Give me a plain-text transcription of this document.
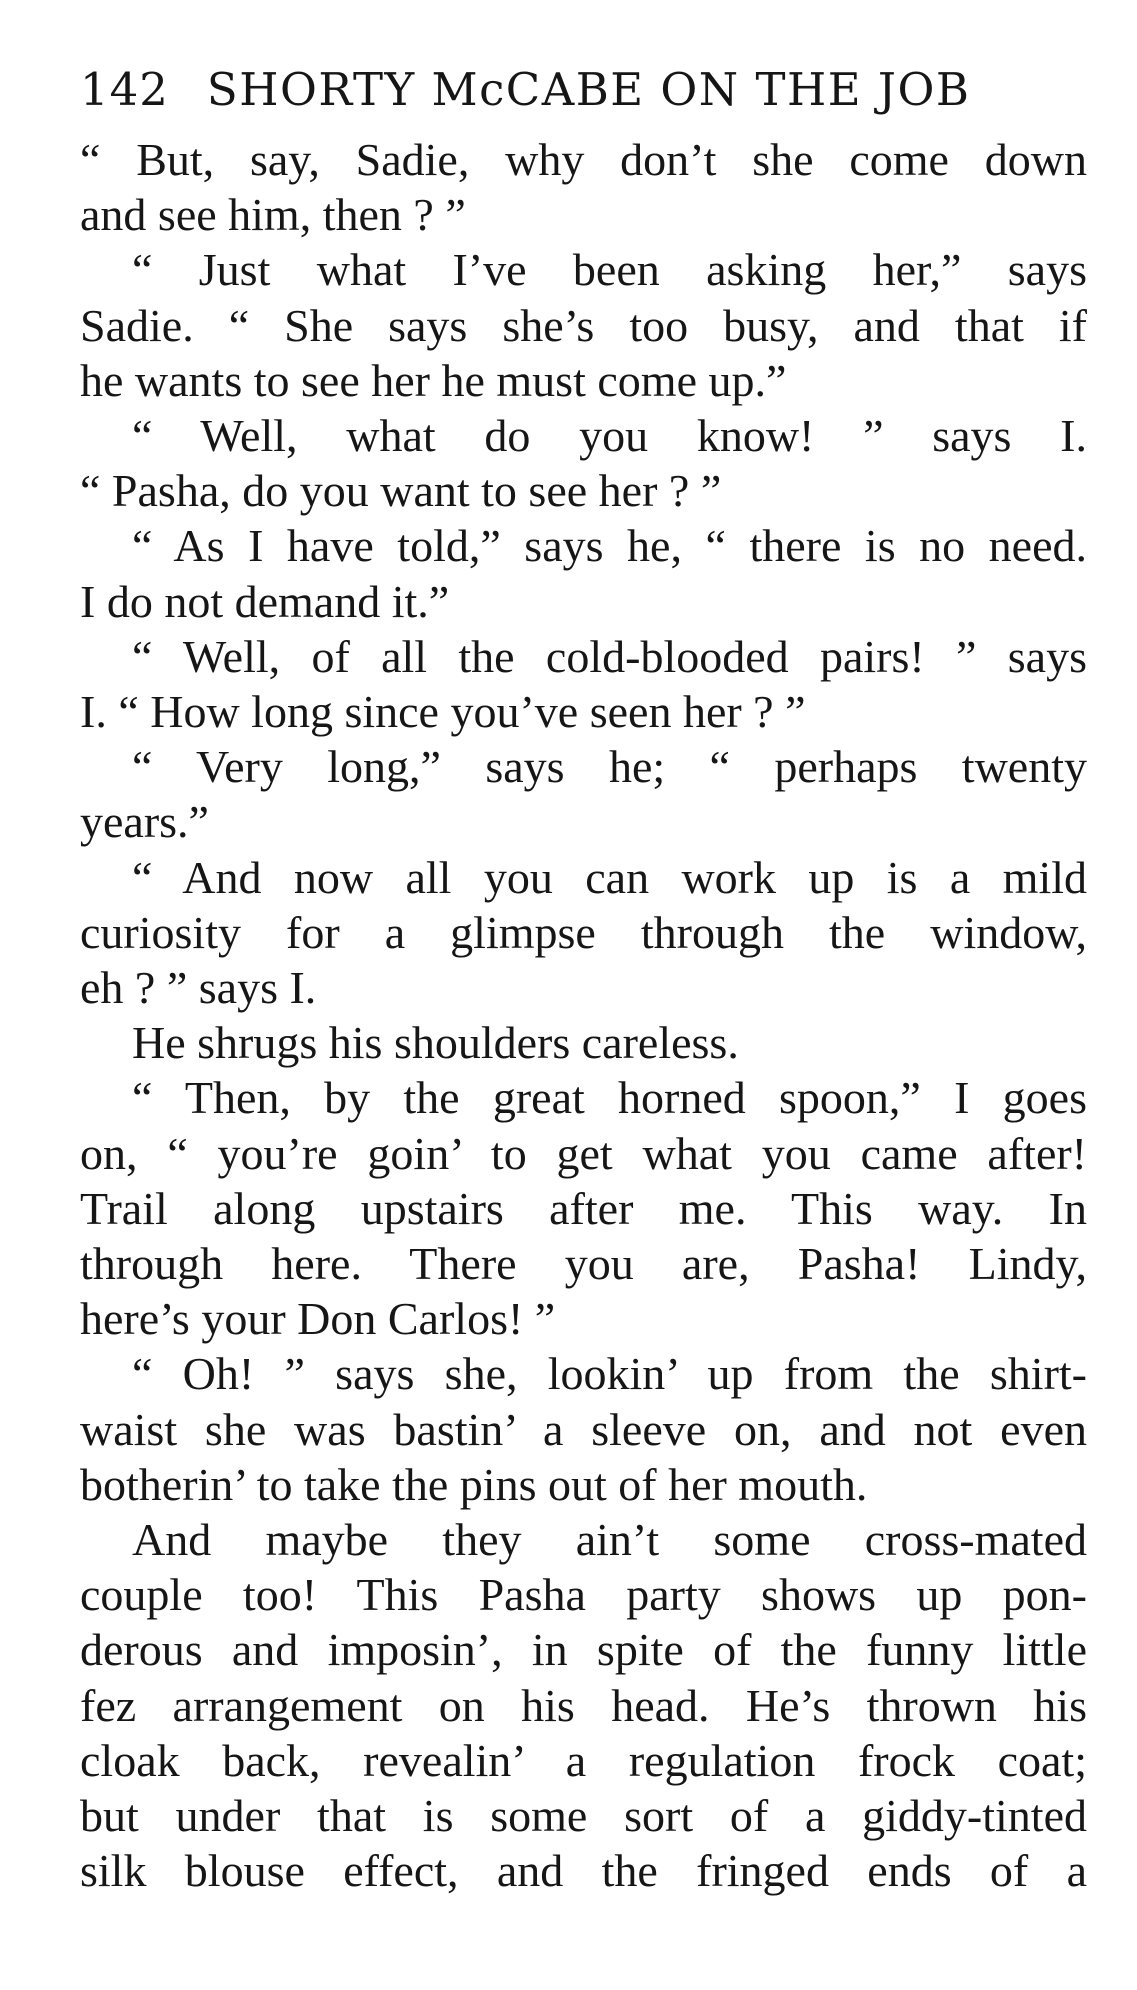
142 SHORTY McCABE ON THE JOB
“ But, say, Sadie, why don’t she come down
and see him, then ? ”
“ Just what I’ve been asking her,” says
Sadie. “ She says she’s too busy, and that if
he wants to see her he must come up.”
“ Well, what do you know! ” says I.
“ Pasha, do you want to see her ? ”
“ As I have told,” says he, “ there is no need.
I do not demand it.”
“ Well, of all the cold-blooded pairs! ” says
I. “ How long since you’ve seen her ? ”
“ Very long,” says he; “ perhaps twenty
years.”
“ And now all you can work up is a mild
curiosity for a glimpse through the window,
eh ? ” says I.
He shrugs his shoulders careless.
“ Then, by the great horned spoon,” I goes
on, “ you’re goin’ to get what you came after!
Trail along upstairs after me. This way. In
through here. There you are, Pasha! Lindy,
here’s your Don Carlos! ”
“ Oh! ” says she, lookin’ up from the shirt-
waist she was bastin’ a sleeve on, and not even
botherin’ to take the pins out of her mouth.
And maybe they ain’t some cross-mated
couple too! This Pasha party shows up pon-
derous and imposin’, in spite of the funny little
fez arrangement on his head. He’s thrown his
cloak back, revealin’ a regulation frock coat;
but under that is some sort of a giddy-tinted
silk blouse effect, and the fringed ends of a
